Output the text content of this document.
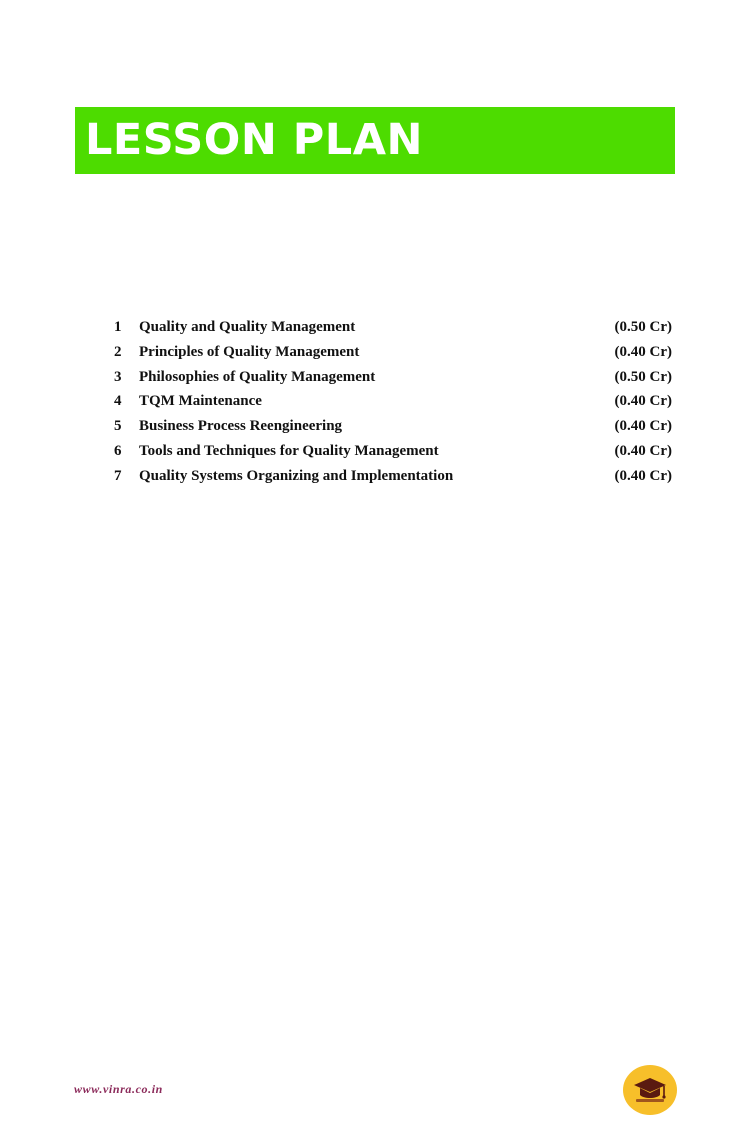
LESSON PLAN
1 Quality and Quality Management	(0.50 Cr)
2 Principles of Quality Management	(0.40 Cr)
3 Philosophies of Quality Management	(0.50 Cr)
4 TQM Maintenance	(0.40 Cr)
5 Business Process Reengineering	(0.40 Cr)
6 Tools and Techniques for Quality Management	(0.40 Cr)
7 Quality Systems Organizing and Implementation	(0.40 Cr)
www.vinra.co.in
